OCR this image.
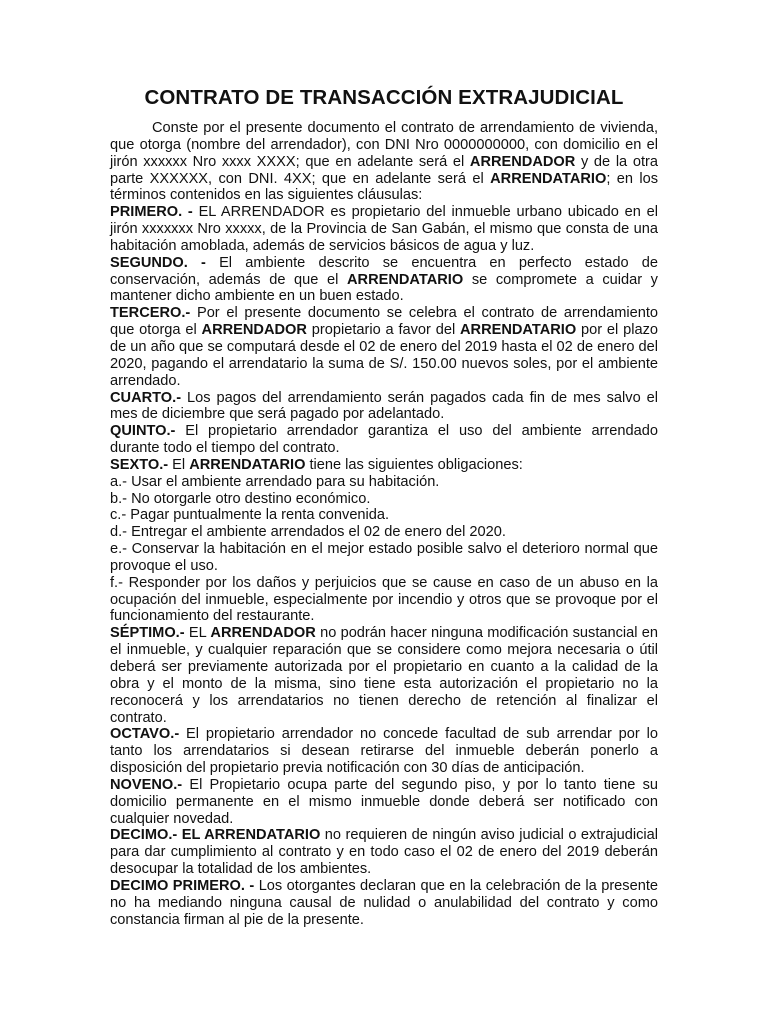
CONTRATO DE TRANSACCIÓN EXTRAJUDICIAL

Conste por el presente documento el contrato de arrendamiento de vivienda, que otorga (nombre del arrendador), con DNI Nro 0000000000, con domicilio en el jirón xxxxxx Nro xxxx XXXX; que en adelante será el ARRENDADOR y de la otra parte XXXXXX, con DNI. 4XX; que en adelante será el ARRENDATARIO; en los términos contenidos en las siguientes cláusulas:

PRIMERO. - EL ARRENDADOR es propietario del inmueble urbano ubicado en el jirón xxxxxxx Nro xxxxx, de la Provincia de San Gabán, el mismo que consta de una habitación amoblada, además de servicios básicos de agua y luz.

SEGUNDO. - El ambiente descrito se encuentra en perfecto estado de conservación, además de que el ARRENDATARIO se compromete a cuidar y mantener dicho ambiente en un buen estado.

TERCERO.- Por el presente documento se celebra el contrato de arrendamiento que otorga el ARRENDADOR propietario a favor del ARRENDATARIO por el plazo de un año que se computará desde el 02 de enero del 2019 hasta el 02 de enero del 2020, pagando el arrendatario la suma de S/. 150.00 nuevos soles, por el ambiente arrendado.

CUARTO.- Los pagos del arrendamiento serán pagados cada fin de mes salvo el mes de diciembre que será pagado por adelantado.

QUINTO.- El propietario arrendador garantiza el uso del ambiente arrendado durante todo el tiempo del contrato.

SEXTO.- El ARRENDATARIO tiene las siguientes obligaciones:

a.- Usar el ambiente arrendado para su habitación.

b.- No otorgarle otro destino económico.

c.- Pagar puntualmente la renta convenida.

d.- Entregar el ambiente arrendados el 02 de enero del 2020.

e.- Conservar la habitación en el mejor estado posible salvo el deterioro normal que provoque el uso.

f.- Responder por los daños y perjuicios que se cause en caso de un abuso en la ocupación del inmueble, especialmente por incendio y otros que se provoque por el funcionamiento del restaurante.

SÉPTIMO.- EL ARRENDADOR no podrán hacer ninguna modificación sustancial en el inmueble, y cualquier reparación que se considere como mejora necesaria o útil deberá ser previamente autorizada por el propietario en cuanto a la calidad de la obra y el monto de la misma, sino tiene esta autorización el propietario no la reconocerá y los arrendatarios no tienen derecho de retención al finalizar el contrato.

OCTAVO.- El propietario arrendador no concede facultad de sub arrendar por lo tanto los arrendatarios si desean retirarse del inmueble deberán ponerlo a disposición del propietario previa notificación con 30 días de anticipación.

NOVENO.- El Propietario ocupa parte del segundo piso, y por lo tanto tiene su domicilio permanente en el mismo inmueble donde deberá ser notificado con cualquier novedad.

DECIMO.- EL ARRENDATARIO no requieren de ningún aviso judicial o extrajudicial para dar cumplimiento al contrato y en todo caso el 02 de enero del 2019 deberán desocupar la totalidad de los ambientes.

DECIMO PRIMERO. - Los otorgantes declaran que en la celebración de la presente no ha mediando ninguna causal de nulidad o anulabilidad del contrato y como constancia firman al pie de la presente.
